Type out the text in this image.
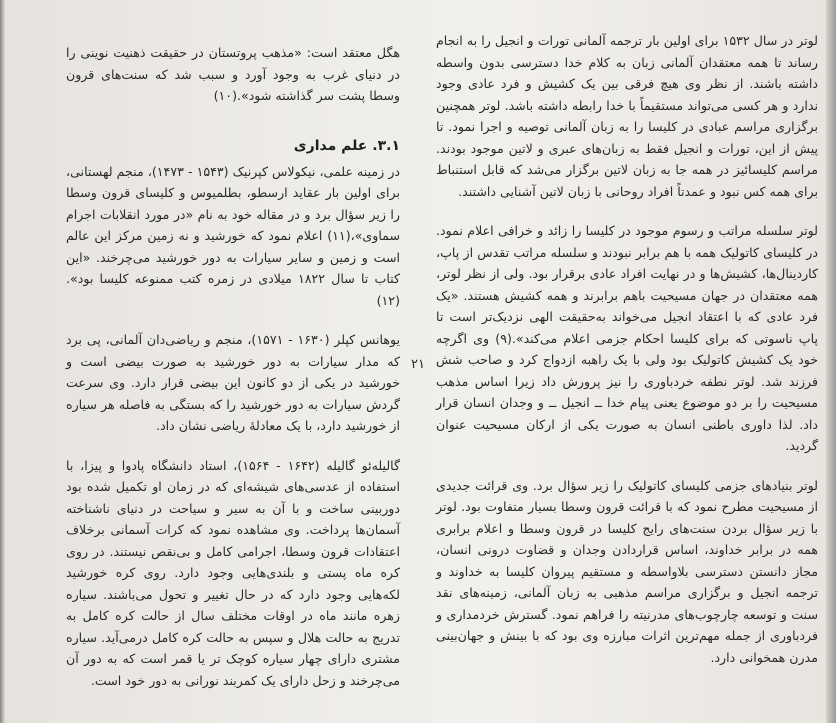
لوتر در سال ۱۵۳۲ برای اولین بار ترجمه آلمانی تورات و انجیل را به انجام رساند تا همه معتقدان آلمانی زبان به کلام خدا دسترسی بدون واسطه داشته باشند. از نظر وی هیچ فرقی بین یک کشیش و فرد عادی وجود ندارد و هر کسی می‌تواند مستقیماً با خدا رابطه داشته باشد. لوتر همچنین برگزاری مراسم عبادی در کلیسا را به زبان آلمانی توصیه و اجرا نمود. تا پیش از این، تورات و انجیل فقط به زبان‌های عبری و لاتین موجود بودند. مراسم کلیسائیز در همه جا به زبان لاتین برگزار می‌شد که قابل استنباط برای همه کس نبود و عمدتاً افراد روحانی با زبان لاتین آشنایی داشتند.

لوتر سلسله مراتب و رسوم موجود در کلیسا را زائد و خرافی اعلام نمود. در کلیسای کاتولیک همه با هم برابر نبودند و سلسله مراتب تقدس از پاپ، کاردینال‌ها، کشیش‌ها و در نهایت افراد عادی برقرار بود. ولی از نظر لوتر، همه معتقدان در جهان مسیحیت باهم برابرند و همه کشیش هستند. «یک فرد عادی که با اعتقاد انجیل می‌خواند به‌حقیقت الهی نزدیک‌تر است تا پاپ ناسوتی که برای کلیسا احکام جزمی اعلام می‌کند».(۹) وی اگرچه خود یک کشیش کاتولیک بود ولی با یک راهبه ازدواج کرد و صاحب شش فرزند شد. لوتر نطفه خردباوری را نیز پرورش داد زیرا اساس مذهب مسیحیت را بر دو موضوع یعنی پیام خدا ــ انجیل ــ و وجدان انسان قرار داد. لذا داوری باطنی انسان به صورت یکی از ارکان مسیحیت عنوان گردید.

لوتر بنیادهای جزمی کلیسای کاتولیک را زیر سؤال برد. وی قرائت جدیدی از مسیحیت مطرح نمود که با قرائت قرون وسطا بسیار متفاوت بود. لوتر با زیر سؤال بردن سنت‌های رایج کلیسا در قرون وسطا و اعلام برابری همه در برابر خداوند، اساس قراردادن وجدان و قضاوت درونی انسان، مجاز دانستن دسترسی بلاواسطه و مستقیم پیروان کلیسا به خداوند و ترجمه انجیل و برگزاری مراسم مذهبی به زبان آلمانی، زمینه‌های نقد سنت و توسعه چارچوب‌های مدرنیته را فراهم نمود. گسترش خردمداری و فردباوری از جمله مهم‌ترین اثرات مبارزه وی بود که با بینش و جهان‌بینی مدرن همخوانی دارد.

هگل معتقد است: «مذهب پروتستان در حقیقت ذهنیت نوینی را در دنیای غرب به وجود آورد و سبب شد که سنت‌های قرون وسطا پشت سر گذاشته شود».(۱۰)

۳.۱. علم مداری

در زمینه علمی، نیکولاس کپرنیک (۱۵۴۳ - ۱۴۷۳)، منجم لهستانی، برای اولین بار عقاید ارسطو، بطلمیوس و کلیسای قرون وسطا را زیر سؤال برد و در مقاله خود به نام «در مورد انقلابات اجرام سماوی»،(۱۱) اعلام نمود که خورشید و نه زمین مرکز این عالم است و زمین و سایر سیارات به دور خورشید می‌چرخند. «این کتاب تا سال ۱۸۲۲ میلادی در زمره کتب ممنوعه کلیسا بود».(۱۲)

یوهانس کپلر (۱۶۳۰ - ۱۵۷۱)، منجم و ریاضی‌دان آلمانی، پی برد که مدار سیارات به دور خورشید به صورت بیضی است و خورشید در یکی از دو کانون این بیضی قرار دارد. وی سرعت گردش سیارات به دور خورشید را که بستگی به فاصله هر سیاره از خورشید دارد، با یک معادلهٔ ریاضی نشان داد.

گالیله‌ئو گالیله (۱۶۴۲ - ۱۵۶۴)، استاد دانشگاه پادوا و پیزا، با استفاده از عدسی‌های شیشه‌ای که در زمان او تکمیل شده بود دوربینی ساخت و با آن به سیر و سیاحت در دنیای ناشناخته آسمان‌ها پرداخت. وی مشاهده نمود که کرات آسمانی برخلاف اعتقادات قرون وسطا، اجرامی کامل و بی‌نقص نیستند. در روی کره ماه پستی و بلندی‌هایی وجود دارد. روی کره خورشید لکه‌هایی وجود دارد که در حال تغییر و تحول می‌باشند. سیاره زهره مانند ماه در اوقات مختلف سال از حالت کره کامل به تدریج به حالت هلال و سپس به حالت کره کامل درمی‌آید. سیاره مشتری دارای چهار سیاره کوچک تر یا قمر است که به دور آن می‌چرخند و زحل دارای یک کمربند نورانی به دور خود است.

۲۱
